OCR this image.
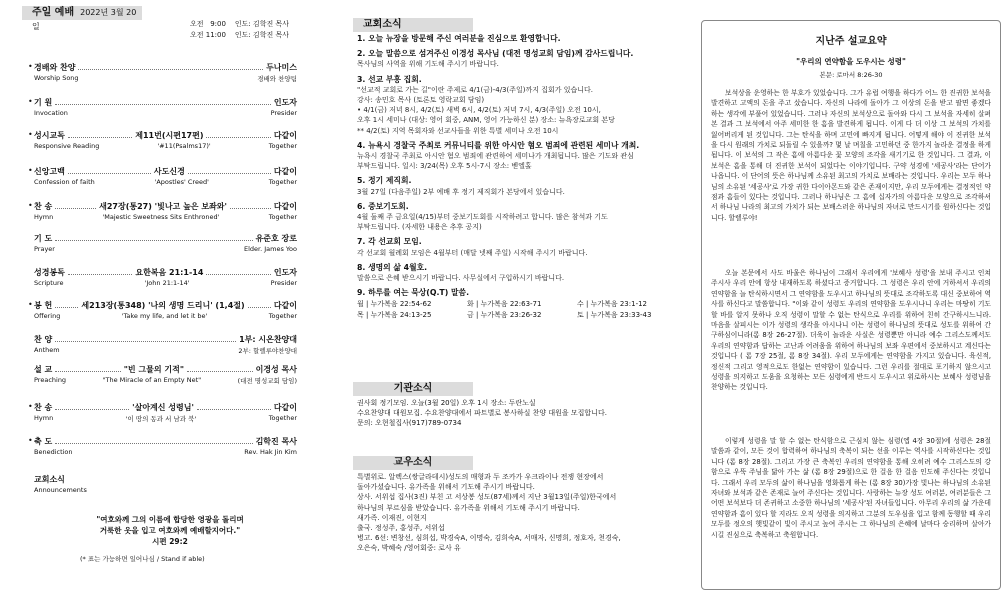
주일 예배 2022년 3월 20일	오전   9:00    인도: 김학진 목사
오전 11:00    인도: 김학진 목사
• 경배와 찬양	두나미스
Worship Song	경배와 찬양팀
• 기 원	인도자
Invocation	Presider
• 성시교독	제11번(시편17편)	다같이
Responsive Reading	'#11(Psalms17)'	Together
• 신앙고백	사도신경	다같이
Confession of faith	'Apostles' Creed'	Together
• 찬 송	새27장(통27) '빛나고 높은 보좌와'	다같이
Hymn	'Majestic Sweetness Sits Enthroned'	Together
기 도	유준호 장로
Prayer	Elder. James Yoo
성경봉독	요한복음 21:1-14	인도자
Scripture	'John 21:1-14'	Presider
• 봉 헌	세213장(통348) '나의 생명 드리니' (1,4절)	다같이
Offering	'Take my life, and let it be'	Together
찬 양	1부: 시온찬양대
Anthem	2부: 할렐루야찬양대
설 교	"빈 그물의 기적"	이경성 목사
Preaching	"The Miracle of an Empty Net"	(대전 명성교회 담임)
• 찬 송	'살아계신 성령님'	다같이
Hymn	'이 땅의 동과 서 남과 북'	Together
• 축 도	김학진 목사
Benediction	Rev. Hak Jin Kim
교회소식
Announcements
"여호와께 그의 이름에 합당한 영광을 돌리며
거룩한 옷을 입고 여호와께 예배할지어다."
시편 29:2
(* 표는 가능하면 일어나심 / Stand if able)
교회소식
1. 오늘 뉴장을 방문해 주신 여러분을 진심으로 환영합니다.
2. 오늘 말씀으로 섬겨주신 이경성 목사님 (대전 명성교회 담임)께 감사드립니다.
목사님의 사역을 위해 기도해 주시기 바랍니다.
3. 선교 부흥 집회.
"선교적 교회로 가는 길"이란 주제로 4/1(금)-4/3(주일)까지 집회가 있습니다.
강사: 송민호 목사 (토론토 영락교회 담임)
• 4/1(금) 저녁 8시, 4/2(토) 새벽 6시, 4/2(토) 저녁 7시, 4/3(주일) 오전 10시,
오후 1시 세미나 (대상: 영어 회중, ANM, 영어 가능하신 분) 장소: 뉴욕장로교회 본당
** 4/2(토) 지역 목회자와 선교사들을 위한 특별 세미나 오전 10시
4. 뉴욕시 경찰국 주최로 커뮤니티를 위한 아시안 혐오 범죄에 관련된 세미나 개최.
뉴욕시 경찰국 주최로 아시안 혐오 범죄에 관련하여 세미나가 개최됩니다. 많은 기도와 관심
부탁드립니다. 일시: 3/24(목) 오후 5시-7시 장소: 벧엘홀
5. 정기 제직회.
3월 27일 (다음주일) 2부 예배 후 정기 제직회가 본당에서 있습니다.
6. 중보기도회.
4월 둘째 주 금요일(4/15)부터 중보기도회를 시작하려고 합니다. 많은 참석과 기도
부탁드립니다. (자세한 내용은 추후 공지)
7. 각 선교회 모임.
각 선교회 월례회 모임은 4월부터 (매달 넷째 주일) 시작해 주시기 바랍니다.
8. 생명의 삶 4월호.
말씀으로 은혜 받으시기 바랍니다. 사무실에서 구입하시기 바랍니다.
9. 하루를 여는 묵상(Q.T) 말씀.
월 | 누가복음 22:54-62	화 | 누가복음 22:63-71	수 | 누가복음 23:1-12
목 | 누가복음 24:13-25	금 | 누가복음 23:26-32	토 | 누가복음 23:33-43
기관소식
권사회 정기모임. 오늘(3월 20일) 오후 1시 장소: 두란노실
수요찬양대 대원모집. 수요찬양대에서 파트별로 봉사하실 찬양 대원을 모집합니다.
문의: 오현철집사(917)789-0734
교우소식
특별위로. 알렉스(쌍글라데시)성도의 매형과 두 조카가 우크라이나 전쟁 현장에서
돌아가셨습니다. 유가족을 위해서 기도해 주시기 바랍니다.
상사. 서위섭 집사(3진) 부친 고 서상봉 성도(87세)께서 지난 3월13일(주일)한국에서
하나님의 부르심을 받았습니다. 유가족을 위해서 기도해 주시기 바랍니다.
새가족. 이재진, 이현지
출국. 정성주, 홍성주, 서위섭
병고. 6선: 변창선, 심희섭, 박경숙A, 이명숙, 김희숙A, 서매자, 신명희, 정호자, 천경숙,
오은숙, 박혜숙 /영어회중: 로사 유
지난주 설교요약
"우리의 연약함을 도우시는 성령"
본문: 로마서 8:26-30
보석상을 운영하는 한 부호가 있었습니다. 그가 유럽 여행을 하다가 어느 한 진귀한 보석을 발견하고 고액의 돈을 주고 샀습니다. 자신의 나라에 돌아가 그 이상의 돈을 받고 팔면 좋겠다 하는 생각에 부풀어 있었습니다. 그러나 자신의 보석상으로 돌아와 다시 그 보석을 자세히 살펴 본 결과 그 보석에서 아주 세미한 한 흠을 발견하게 됩니다. 이게 다 더 이상 그 보석의 가치를 잃어버리게 된 것입니다. 그는 탄식을 하며 고민에 빠지게 됩니다. 어떻게 해야 이 진귀한 보석을 다시 원래의 가치로 되돌릴 수 있을까? 몇 날 며칠을 고민하던 중 한가지 놀라운 결정을 하게 됩니다. 이 보석의 그 작은 흠에 아름다운 꽃 모양의 조각을 새기기로 한 것입니다. 그 결과, 이 보석은 흠을 통해 더 진귀한 보석이 되었다는 이야기입니다. 구약 성경에 '세공사'라는 단어가 나옵니다. 이 단어의 뜻은 하나님께 소유된 최고의 가치로 보배라는 것입니다. 우리는 모두 하나님의 소유된 '세공사'로 가장 귀한 다이아몬드와 같은 존재이지만, 우리 모두에게는 결정적인 약점과 흠들이 있다는 것입니다. 그러나 하나님은 그 흠에 십자가의 아름다운 모양으로 조각하셔서 하나님 나라의 최고의 가치가 되는 보배스러운 하나님의 자녀로 만드시기를 원하신다는 것입니다. 할렐루야!
오늘 본문에서 사도 바울은 하나님이 그래서 우리에게 '보혜사 성령'을 보내 주시고 인쳐 주시사 우리 안에 항상 내재하도록 하셨다고 증거합니다. 그 성령은 우리 안에 거하셔서 우리의 연약함을 늘 탄식하시면서 그 연약함을 도우시고 하나님의 뜻대로 조각하도록 대신 중보하여 역사를 하신다고 말씀합니다. "이와 같이 성령도 우리의 연약함을 도우시나니 우리는 마땅히 기도할 바를 알지 못하나 오직 성령이 말할 수 없는 탄식으로 우리를 위하여 친히 간구하시느니라. 마음을 살피시는 이가 성령의 생각을 아시나니 이는 성령이 하나님의 뜻대로 성도를 위하여 간구하심이니라(롬 8장 26-27절). 더욱이 놀라운 사실은 성령뿐만 아니라 예수 그리스도께서도 우리의 연약함과 답하는 고난과 어려움을 위하여 하나님의 보좌 우편에서 중보하시고 계신다는 것입니다 ( 롬 7장 25절, 롬 8장 34절). 우리 모두에게는 연약함을 가지고 있습니다. 육신적, 정신적 그리고 영적으로도 한없는 연약함이 있습니다. 그런 우리를 절대로 포기하지 않으시고 성령을 의지하고 도움을 요청하는 모든 심령에게 반드시 도우시고 위로하시는 보혜사 성령님을 찬양하는 것입니다.
이렇게 성령을 말 할 수 없는 탄식함으로 근심치 않는 심령(엡 4장 30절)에 성령은 28절 말씀과 같이, 모든 것이 합력하여 하나님의 축복이 되는 선을 이루는 역사를 시작하신다는 것입니다 (롬 8장 28절). 그리고 가장 큰 축복인 우리의 연약함을 통해 오히려 예수 그리스도의 강함으로 우뚝 주님을 닮아 가는 삶 (롬 8장 29절)으로 한 걸음 한 걸음 인도해 주신다는 것입니다. 그래서 우리 모두의 삶이 하나님을 영화롭게 하는 (롬 8장 30)가장 빛나는 하나님의 소유된 자녀와 보석과 같은 존재로 늘어 주신다는 것입니다. 사랑하는 뉴장 성도 여러분, 여러분들은 그 어떤 보석보다 더 존귀하고 소중한 하나님의 '세공사'된 자녀들입니다. 아무리 우리의 삶 가운데 연약함과 흠이 있다 할 지라도 오직 성령을 의지하고 그분의 도우심을 입고 함께 동행할 때 우리 모두를 정오의 햇빛같이 빛이 주시고 높여 주시는 그 하나님의 은혜에 날마다 승리하며 살아가시길 진심으로 축복하고 축원합니다.
